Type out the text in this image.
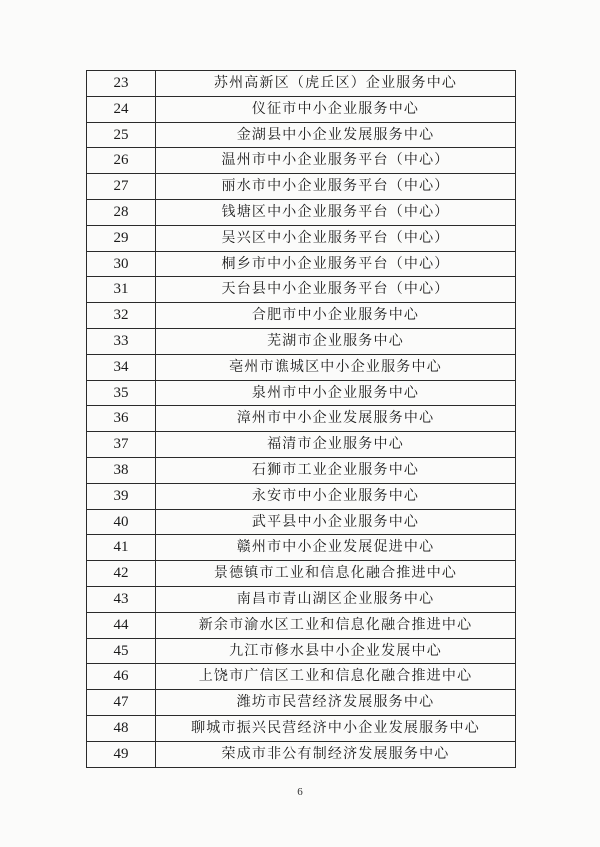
23	苏州高新区（虎丘区）企业服务中心
24	仪征市中小企业服务中心
25	金湖县中小企业发展服务中心
26	温州市中小企业服务平台（中心）
27	丽水市中小企业服务平台（中心）
28	钱塘区中小企业服务平台（中心）
29	吴兴区中小企业服务平台（中心）
30	桐乡市中小企业服务平台（中心）
31	天台县中小企业服务平台（中心）
32	合肥市中小企业服务中心
33	芜湖市企业服务中心
34	亳州市谯城区中小企业服务中心
35	泉州市中小企业服务中心
36	漳州市中小企业发展服务中心
37	福清市企业服务中心
38	石狮市工业企业服务中心
39	永安市中小企业服务中心
40	武平县中小企业服务中心
41	赣州市中小企业发展促进中心
42	景德镇市工业和信息化融合推进中心
43	南昌市青山湖区企业服务中心
44	新余市渝水区工业和信息化融合推进中心
45	九江市修水县中小企业发展中心
46	上饶市广信区工业和信息化融合推进中心
47	潍坊市民营经济发展服务中心
48	聊城市振兴民营经济中小企业发展服务中心
49	荣成市非公有制经济发展服务中心
6
